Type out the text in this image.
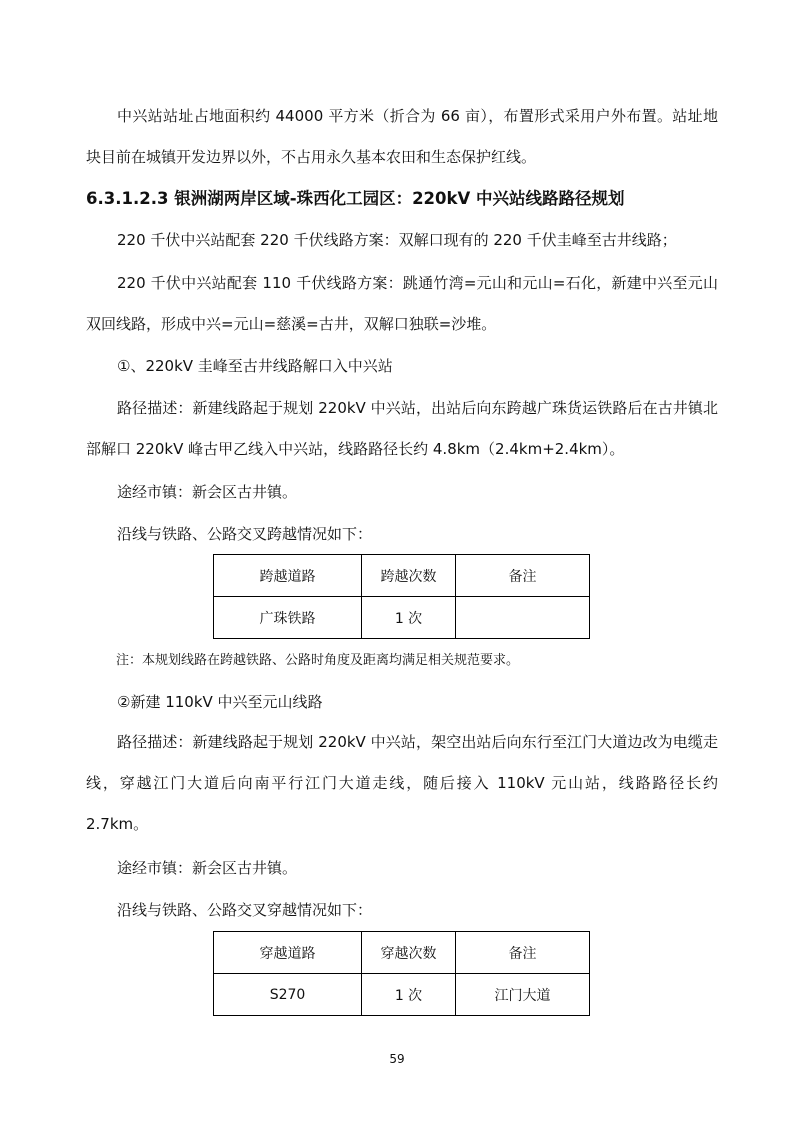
中兴站站址占地面积约 44000 平方米（折合为 66 亩），布置形式采用户外布置。站址地块目前在城镇开发边界以外，不占用永久基本农田和生态保护红线。

6.3.1.2.3 银洲湖两岸区域-珠西化工园区：220kV 中兴站线路路径规划

220 千伏中兴站配套 220 千伏线路方案：双解口现有的 220 千伏圭峰至古井线路；

220 千伏中兴站配套 110 千伏线路方案：跳通竹湾=元山和元山=石化，新建中兴至元山双回线路，形成中兴=元山=慈溪=古井，双解口独联=沙堆。

①、220kV 圭峰至古井线路解口入中兴站

路径描述：新建线路起于规划 220kV 中兴站，出站后向东跨越广珠货运铁路后在古井镇北部解口 220kV 峰古甲乙线入中兴站，线路路径长约 4.8km（2.4km+2.4km）。

途经市镇：新会区古井镇。

沿线与铁路、公路交叉跨越情况如下：

跨越道路	跨越次数	备注
广珠铁路	1 次	

注：本规划线路在跨越铁路、公路时角度及距离均满足相关规范要求。

②新建 110kV 中兴至元山线路

路径描述：新建线路起于规划 220kV 中兴站，架空出站后向东行至江门大道边改为电缆走线，穿越江门大道后向南平行江门大道走线，随后接入 110kV 元山站，线路路径长约 2.7km。

途经市镇：新会区古井镇。

沿线与铁路、公路交叉穿越情况如下：

穿越道路	穿越次数	备注
S270	1 次	江门大道

59
